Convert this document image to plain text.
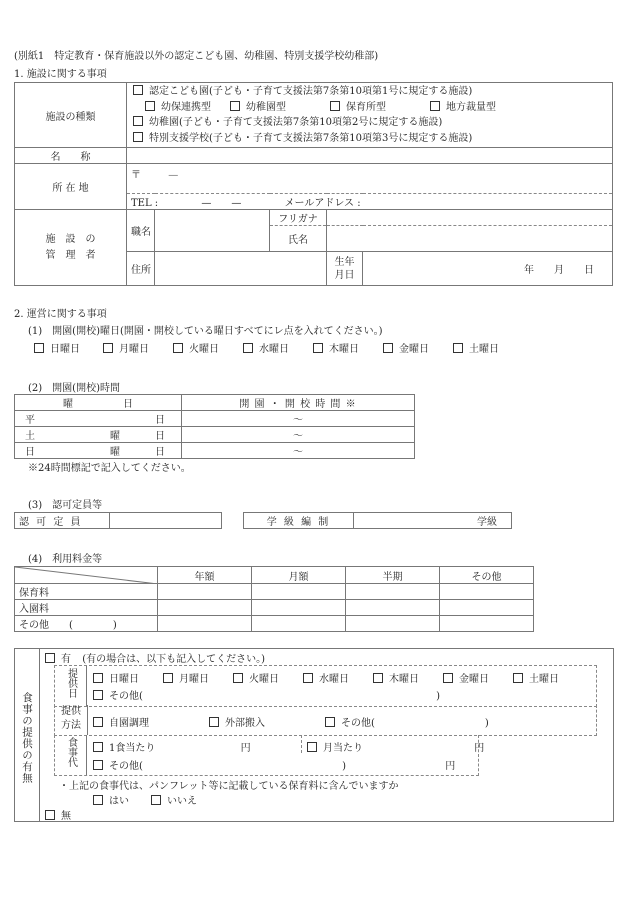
(別紙1　特定教育・保育施設以外の認定こども園、幼稚園、特別支援学校幼稚部)
1. 施設に関する事項
施設の種類	認定こども園(子ども・子育て支援法第7条第10項第1号に規定する施設)
幼保連携型 幼稚園型 保育所型 地方裁量型
幼稚園(子ども・子育て支援法第7条第10項第2号に規定する施設)
特別支援学校(子ども・子育て支援法第7条第10項第3号に規定する施設)				

名　　称					
所 在 地	〒 —				
	TEL : —　　— メールアドレス :				

施　設　の
管　理　者	職名		フリガナ		
			氏名		
	住所			生年
月日	年　　月　　日
2. 運営に関する事項
(1)　開園(開校)曜日(開園・開校している曜日すべてにレ点を入れてください。)
日曜日	月曜日	火曜日	水曜日	木曜日	金曜日	土曜日
(2)　開園(開校)時間
曜　　　　　日	開 園 ・ 開 校 時 間 ※
平 日	〜
土 曜 日	〜
日 曜 日	〜
※24時間標記で記入してください。
(3)　認可定員等
認 可 定 員		学 級 編 制	学級
(4)　利用料金等
	年額	月額	半期	その他
保育料				
入園料				
その他　　(　　　　)				
食事の提供の有無
有 (有の場合は、以下も記入してください。)
提供日	日曜日	月曜日	火曜日	水曜日	木曜日	金曜日	土曜日
その他(	)
提供
方法	自園調理	外部搬入	その他(	)
食事代	1食当たり	円	月当たり	円
その他(	)	円
・上記の食事代は、パンフレット等に記載している保育料に含んでいますか
はい	いいえ
無
